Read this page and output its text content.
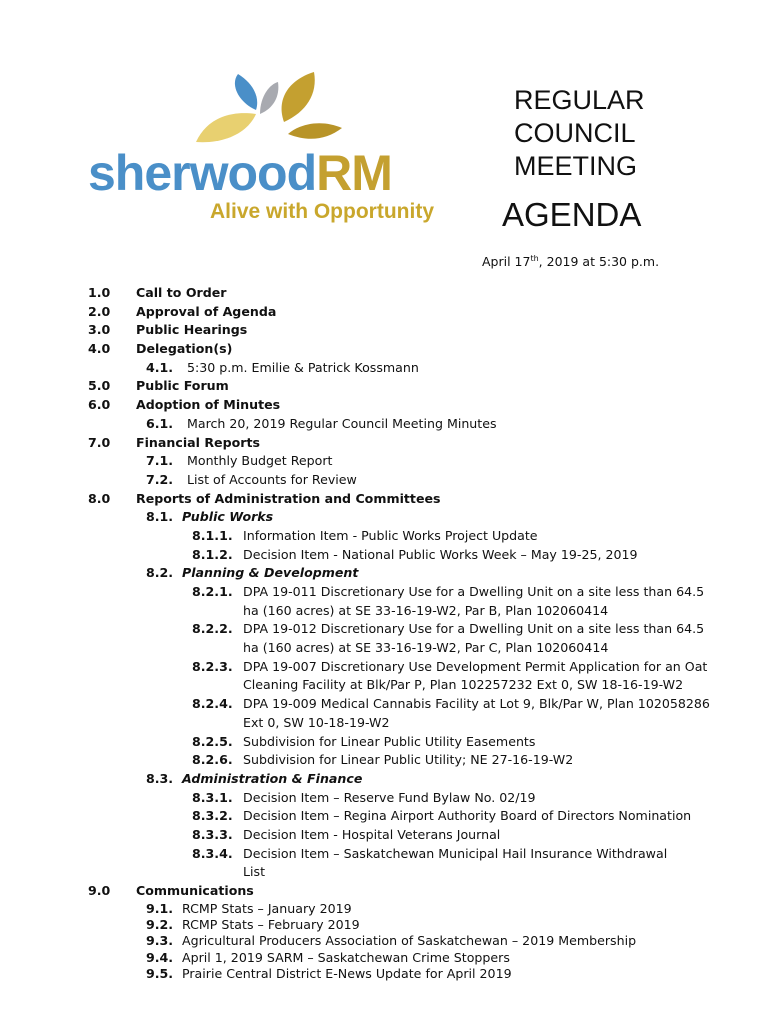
sherwoodRM
Alive with Opportunity
REGULAR
COUNCIL
MEETING
AGENDA
April 17th, 2019 at 5:30 p.m.
1.0 Call to Order
2.0 Approval of Agenda
3.0 Public Hearings
4.0 Delegation(s)
4.1. 5:30 p.m. Emilie & Patrick Kossmann
5.0 Public Forum
6.0 Adoption of Minutes
6.1. March 20, 2019 Regular Council Meeting Minutes
7.0 Financial Reports
7.1. Monthly Budget Report
7.2. List of Accounts for Review
8.0 Reports of Administration and Committees
8.1. Public Works
8.1.1. Information Item - Public Works Project Update
8.1.2. Decision Item - National Public Works Week – May 19-25, 2019
8.2. Planning & Development
8.2.1. DPA 19-011 Discretionary Use for a Dwelling Unit on a site less than 64.5
ha (160 acres) at SE 33-16-19-W2, Par B, Plan 102060414
8.2.2. DPA 19-012 Discretionary Use for a Dwelling Unit on a site less than 64.5
ha (160 acres) at SE 33-16-19-W2, Par C, Plan 102060414
8.2.3. DPA 19-007 Discretionary Use Development Permit Application for an Oat
Cleaning Facility at Blk/Par P, Plan 102257232 Ext 0, SW 18-16-19-W2
8.2.4. DPA 19-009 Medical Cannabis Facility at Lot 9, Blk/Par W, Plan 102058286
Ext 0, SW 10-18-19-W2
8.2.5. Subdivision for Linear Public Utility Easements
8.2.6. Subdivision for Linear Public Utility; NE 27-16-19-W2
8.3. Administration & Finance
8.3.1. Decision Item – Reserve Fund Bylaw No. 02/19
8.3.2. Decision Item – Regina Airport Authority Board of Directors Nomination
8.3.3. Decision Item - Hospital Veterans Journal
8.3.4. Decision Item – Saskatchewan Municipal Hail Insurance Withdrawal
List
9.0 Communications
9.1. RCMP Stats – January 2019
9.2. RCMP Stats – February 2019
9.3. Agricultural Producers Association of Saskatchewan – 2019 Membership
9.4. April 1, 2019 SARM – Saskatchewan Crime Stoppers
9.5. Prairie Central District E-News Update for April 2019
